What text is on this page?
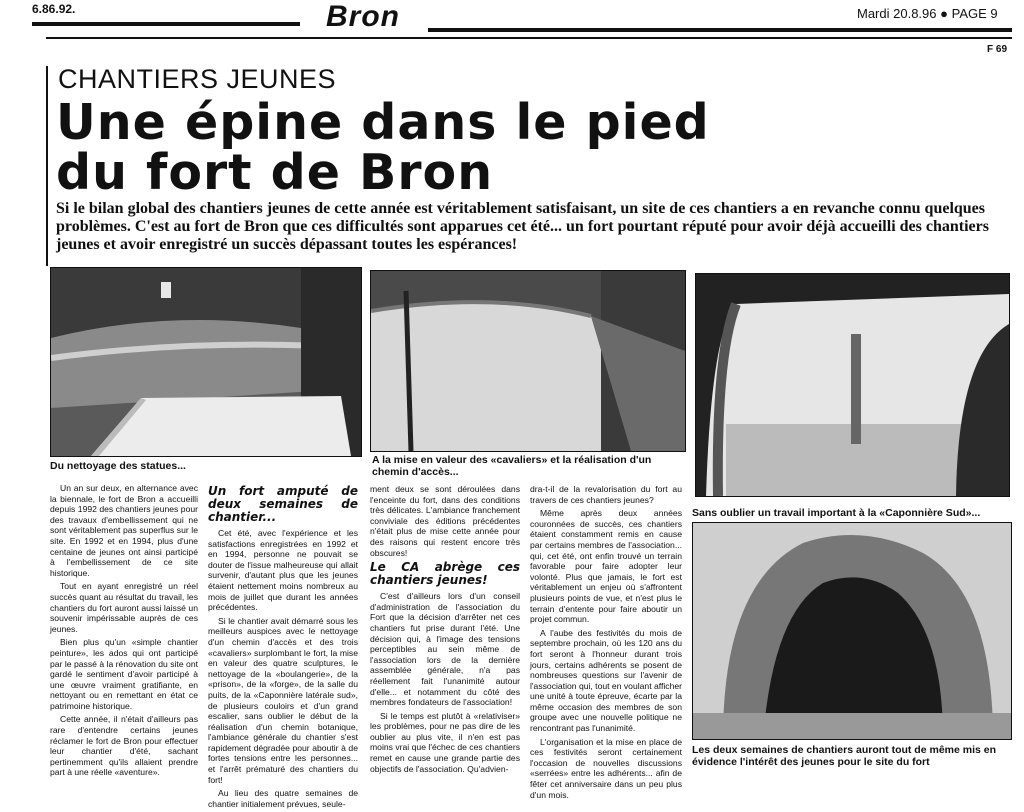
6.86.92.	Bron	Mardi 20.8.96 ● PAGE 9
F 69
CHANTIERS JEUNES
Une épine dans le pied
du fort de Bron
Si le bilan global des chantiers jeunes de cette année est véritablement satisfaisant, un site de ces chantiers a en revanche connu quelques problèmes. C'est au fort de Bron que ces difficultés sont apparues cet été... un fort pourtant réputé pour avoir déjà accueilli des chantiers jeunes et avoir enregistré un succès dépassant toutes les espérances!
Du nettoyage des statues...	A la mise en valeur des «cavaliers» et la réalisation d'un chemin d'accès...
Sans oublier un travail important à la «Caponnière Sud»...
Les deux semaines de chantiers auront tout de même mis en évidence l'intérêt des jeunes pour le site du fort

Un an sur deux, en alternance avec la biennale, le fort de Bron a accueilli depuis 1992 des chantiers jeunes pour des travaux d'embellissement qui ne sont véritablement pas superflus sur le site. En 1992 et en 1994, plus d'une centaine de jeunes ont ainsi participé à l'embellissement de ce site historique.

Tout en ayant enregistré un réel succès quant au résultat du travail, les chantiers du fort auront aussi laissé un souvenir impérissable auprès de ces jeunes.

Bien plus qu'un «simple chantier peinture», les ados qui ont participé par le passé à la rénovation du site ont gardé le sentiment d'avoir participé à une œuvre vraiment gratifiante, en nettoyant ou en remettant en état ce patrimoine historique.

Cette année, il n'était d'ailleurs pas rare d'entendre certains jeunes réclamer le fort de Bron pour effectuer leur chantier d'été, sachant pertinemment qu'ils allaient prendre part à une réelle «aventure».

Un fort amputé de deux semaines de chantier...

Cet été, avec l'expérience et les satisfactions enregistrées en 1992 et en 1994, personne ne pouvait se douter de l'issue malheureuse qui allait survenir, d'autant plus que les jeunes étaient nettement moins nombreux au mois de juillet que durant les années précédentes.

Si le chantier avait démarré sous les meilleurs auspices avec le nettoyage d'un chemin d'accès et des trois «cavaliers» surplombant le fort, la mise en valeur des quatre sculptures, le nettoyage de la «boulangerie», de la «prison», de la «forge», de la salle du puits, de la «Caponnière latérale sud», de plusieurs couloirs et d'un grand escalier, sans oublier le début de la réalisation d'un chemin botanique, l'ambiance générale du chantier s'est rapidement dégradée pour aboutir à de fortes tensions entre les personnes... et l'arrêt prématuré des chantiers du fort!

Au lieu des quatre semaines de chantier initialement prévues, seule-

ment deux se sont déroulées dans l'enceinte du fort, dans des conditions très délicates. L'ambiance franchement conviviale des éditions précédentes n'était plus de mise cette année pour des raisons qui restent encore très obscures!

Le CA abrège ces chantiers jeunes!

C'est d'ailleurs lors d'un conseil d'administration de l'association du Fort que la décision d'arrêter net ces chantiers fut prise durant l'été. Une décision qui, à l'image des tensions perceptibles au sein même de l'association lors de la dernière assemblée générale, n'a pas réellement fait l'unanimité autour d'elle... et notamment du côté des membres fondateurs de l'association!

Si le temps est plutôt à «relativiser» les problèmes, pour ne pas dire de les oublier au plus vite, il n'en est pas moins vrai que l'échec de ces chantiers remet en cause une grande partie des objectifs de l'association. Qu'advien-

dra-t-il de la revalorisation du fort au travers de ces chantiers jeunes?

Même après deux années couronnées de succès, ces chantiers étaient constamment remis en cause par certains membres de l'association... qui, cet été, ont enfin trouvé un terrain favorable pour faire adopter leur volonté. Plus que jamais, le fort est véritablement un enjeu où s'affrontent plusieurs points de vue, et n'est plus le terrain d'entente pour faire aboutir un projet commun.

A l'aube des festivités du mois de septembre prochain, où les 120 ans du fort seront à l'honneur durant trois jours, certains adhérents se posent de nombreuses questions sur l'avenir de l'association qui, tout en voulant afficher une unité à toute épreuve, écarte par la même occasion des membres de son groupe avec une nouvelle politique ne rencontrant pas l'unanimité.

L'organisation et la mise en place de ces festivités seront certainement l'occasion de nouvelles discussions «serrées» entre les adhérents... afin de fêter cet anniversaire dans un peu plus d'un mois.
